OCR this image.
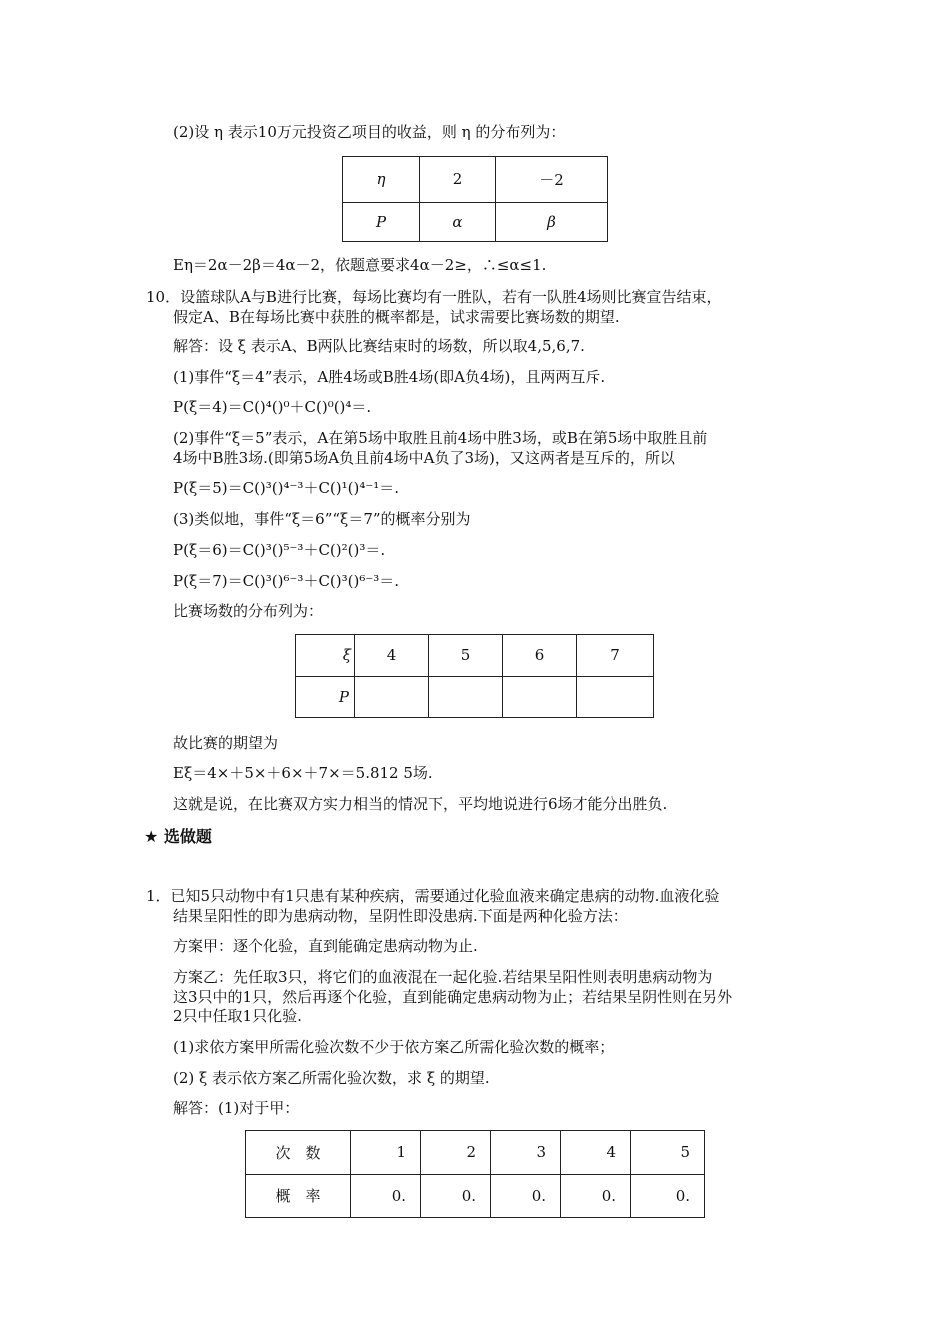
(2)设 η 表示10万元投资乙项目的收益，则 η 的分布列为：
η	2	－2
P	α	β
Eη＝2α－2β＝4α－2，依题意要求4α－2≥，∴≤α≤1.
10．设篮球队A与B进行比赛，每场比赛均有一胜队，若有一队胜4场则比赛宣告结束，
假定A、B在每场比赛中获胜的概率都是，试求需要比赛场数的期望.
解答：设 ξ 表示A、B两队比赛结束时的场数，所以取4,5,6,7.
(1)事件“ξ＝4”表示，A胜4场或B胜4场(即A负4场)，且两两互斥.
P(ξ＝4)＝C()⁴()⁰＋C()⁰()⁴＝.
(2)事件“ξ＝5”表示，A在第5场中取胜且前4场中胜3场，或B在第5场中取胜且前
4场中B胜3场.(即第5场A负且前4场中A负了3场)，又这两者是互斥的，所以
P(ξ＝5)＝C()³()⁴⁻³＋C()¹()⁴⁻¹＝.
(3)类似地，事件“ξ＝6”“ξ＝7”的概率分别为
P(ξ＝6)＝C()³()⁵⁻³＋C()²()³＝.
P(ξ＝7)＝C()³()⁶⁻³＋C()³()⁶⁻³＝.
比赛场数的分布列为：
ξ	4	5	6	7
P				
故比赛的期望为
Eξ＝4×＋5×＋6×＋7×＝5.812 5场.
这就是说，在比赛双方实力相当的情况下，平均地说进行6场才能分出胜负.
★ 选做题
1．已知5只动物中有1只患有某种疾病，需要通过化验血液来确定患病的动物.血液化验
结果呈阳性的即为患病动物，呈阴性即没患病.下面是两种化验方法：
方案甲：逐个化验，直到能确定患病动物为止.
方案乙：先任取3只，将它们的血液混在一起化验.若结果呈阳性则表明患病动物为
这3只中的1只，然后再逐个化验，直到能确定患病动物为止；若结果呈阴性则在另外
2只中任取1只化验.
(1)求依方案甲所需化验次数不少于依方案乙所需化验次数的概率；
(2) ξ 表示依方案乙所需化验次数，求 ξ 的期望.
解答：(1)对于甲：
次　数	1	2	3	4	5
概　率	0.	0.	0.	0.	0.
